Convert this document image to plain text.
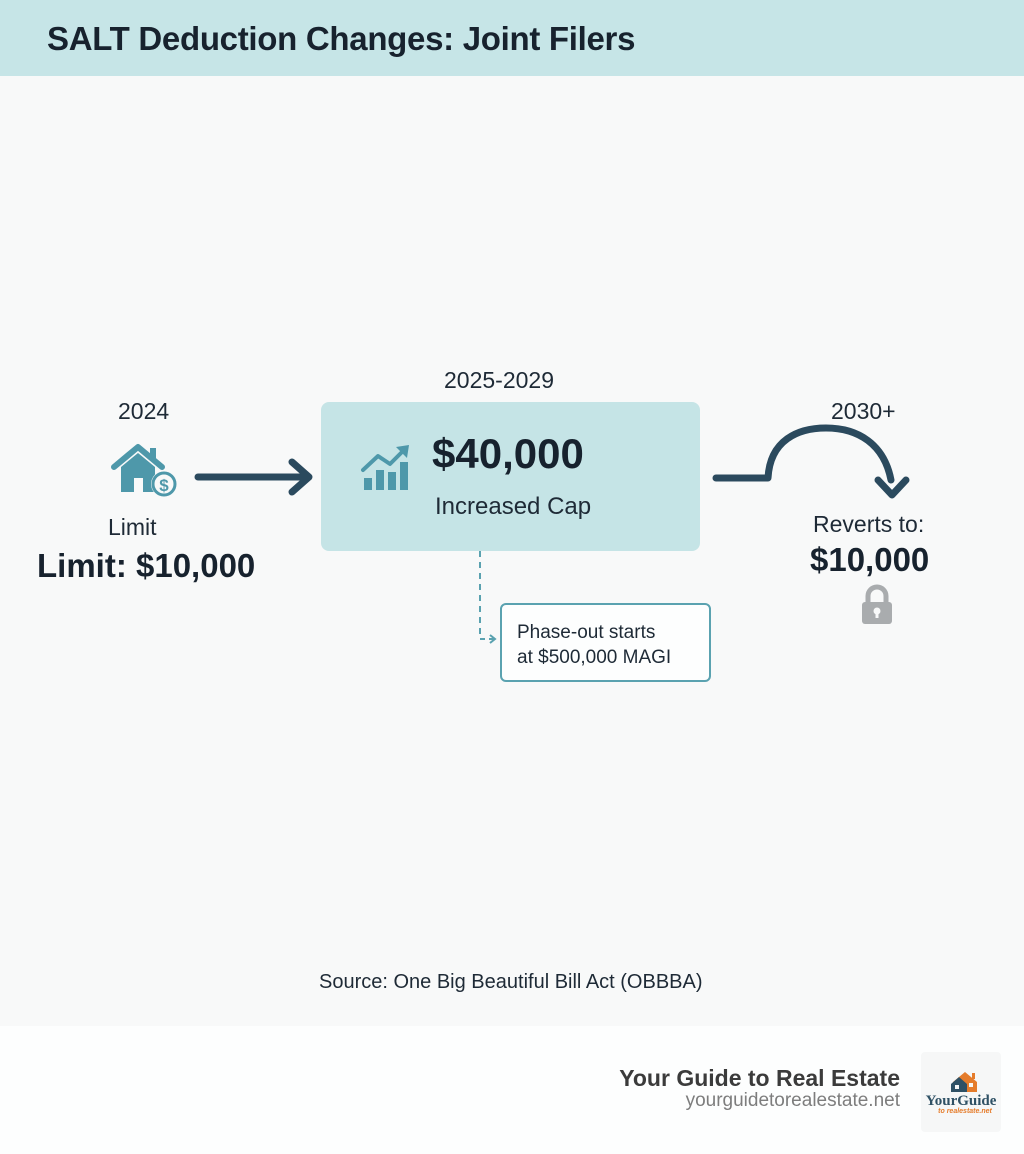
SALT Deduction Changes: Joint Filers
2024
$
Limit
Limit: $10,000
2025-2029
$40,000
Increased Cap
Phase-out starts
at $500,000 MAGI
2030+
Reverts to:
$10,000
Source: One Big Beautiful Bill Act (OBBBA)
Your Guide to Real Estate
yourguidetorealestate.net YourGuide
to realestate.net
